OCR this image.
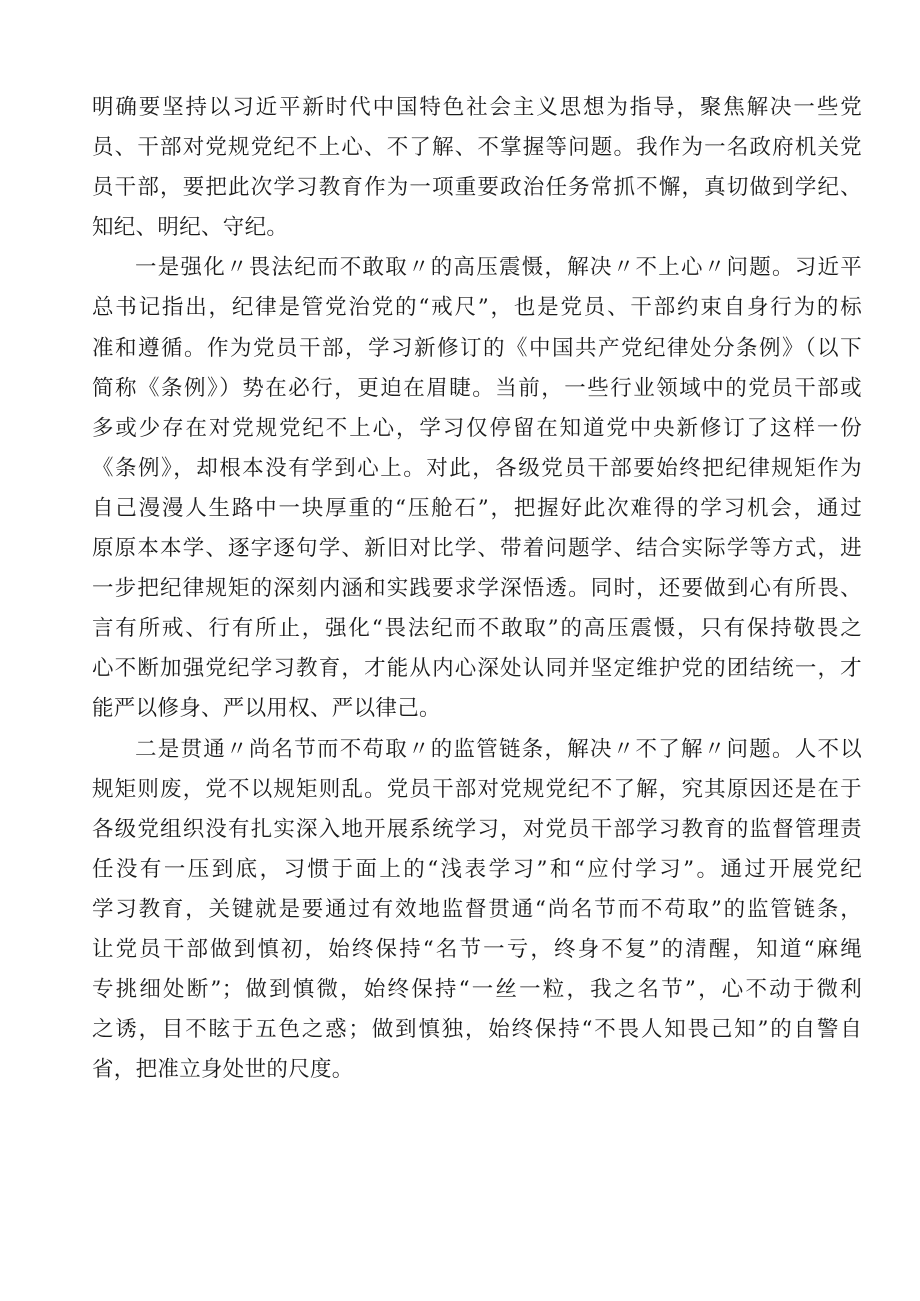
明确要坚持以习近平新时代中国特色社会主义思想为指导，聚焦解决一些党
员、干部对党规党纪不上心、不了解、不掌握等问题。我作为一名政府机关党
员干部，要把此次学习教育作为一项重要政治任务常抓不懈，真切做到学纪、
知纪、明纪、守纪。

一是强化〃畏法纪而不敢取〃的高压震慑，解决〃不上心〃问题。习近平
总书记指出，纪律是管党治党的“戒尺”，也是党员、干部约束自身行为的标
准和遵循。作为党员干部，学习新修订的《中国共产党纪律处分条例》（以下
简称《条例》）势在必行，更迫在眉睫。当前，一些行业领域中的党员干部或
多或少存在对党规党纪不上心，学习仅停留在知道党中央新修订了这样一份
《条例》，却根本没有学到心上。对此，各级党员干部要始终把纪律规矩作为
自己漫漫人生路中一块厚重的“压舱石”，把握好此次难得的学习机会，通过
原原本本学、逐字逐句学、新旧对比学、带着问题学、结合实际学等方式，进
一步把纪律规矩的深刻内涵和实践要求学深悟透。同时，还要做到心有所畏、
言有所戒、行有所止，强化“畏法纪而不敢取”的高压震慑，只有保持敬畏之
心不断加强党纪学习教育，才能从内心深处认同并坚定维护党的团结统一，才
能严以修身、严以用权、严以律己。

二是贯通〃尚名节而不苟取〃的监管链条，解决〃不了解〃问题。人不以
规矩则废，党不以规矩则乱。党员干部对党规党纪不了解，究其原因还是在于
各级党组织没有扎实深入地开展系统学习，对党员干部学习教育的监督管理责
任没有一压到底，习惯于面上的“浅表学习”和“应付学习”。通过开展党纪
学习教育，关键就是要通过有效地监督贯通“尚名节而不苟取”的监管链条，
让党员干部做到慎初，始终保持“名节一亏，终身不复”的清醒，知道“麻绳
专挑细处断”；做到慎微，始终保持“一丝一粒，我之名节”，心不动于微利
之诱，目不眩于五色之惑；做到慎独，始终保持“不畏人知畏己知”的自警自
省，把准立身处世的尺度。
